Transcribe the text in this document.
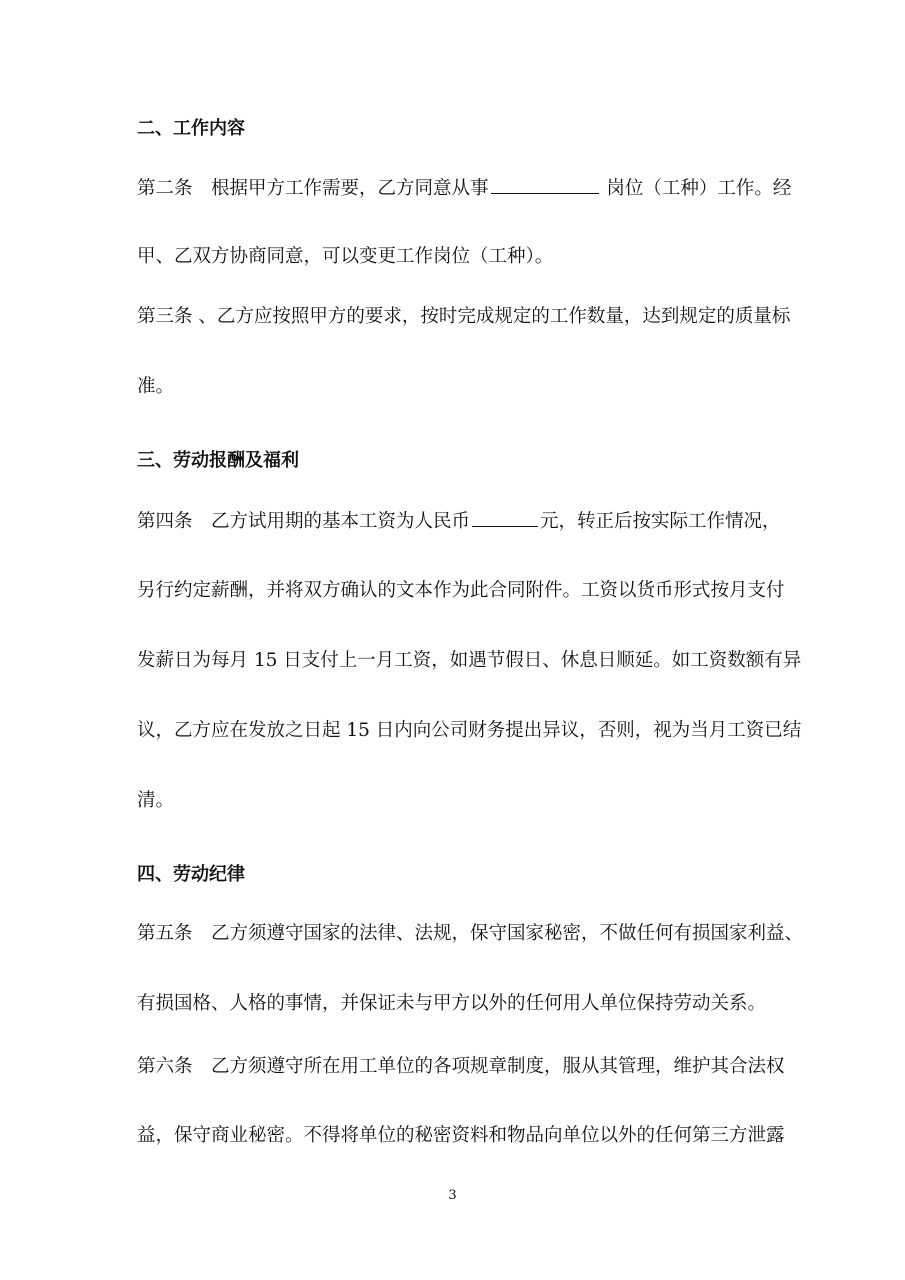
二、工作内容
第二条　根据甲方工作需要，乙方同意从事	岗位（工种）工作。经
甲、乙双方协商同意，可以变更工作岗位（工种）。
第三条 、乙方应按照甲方的要求，按时完成规定的工作数量，达到规定的质量标
准。
三、劳动报酬及福利
第四条　乙方试用期的基本工资为人民币	元，转正后按实际工作情况，
另行约定薪酬，并将双方确认的文本作为此合同附件。工资以货币形式按月支付
发薪日为每月 15 日支付上一月工资，如遇节假日、休息日顺延。如工资数额有异
议，乙方应在发放之日起 15 日内向公司财务提出异议，否则，视为当月工资已结
清。
四、劳动纪律
第五条　乙方须遵守国家的法律、法规，保守国家秘密，不做任何有损国家利益、
有损国格、人格的事情，并保证未与甲方以外的任何用人单位保持劳动关系。
第六条　乙方须遵守所在用工单位的各项规章制度，服从其管理，维护其合法权
益，保守商业秘密。不得将单位的秘密资料和物品向单位以外的任何第三方泄露
3
